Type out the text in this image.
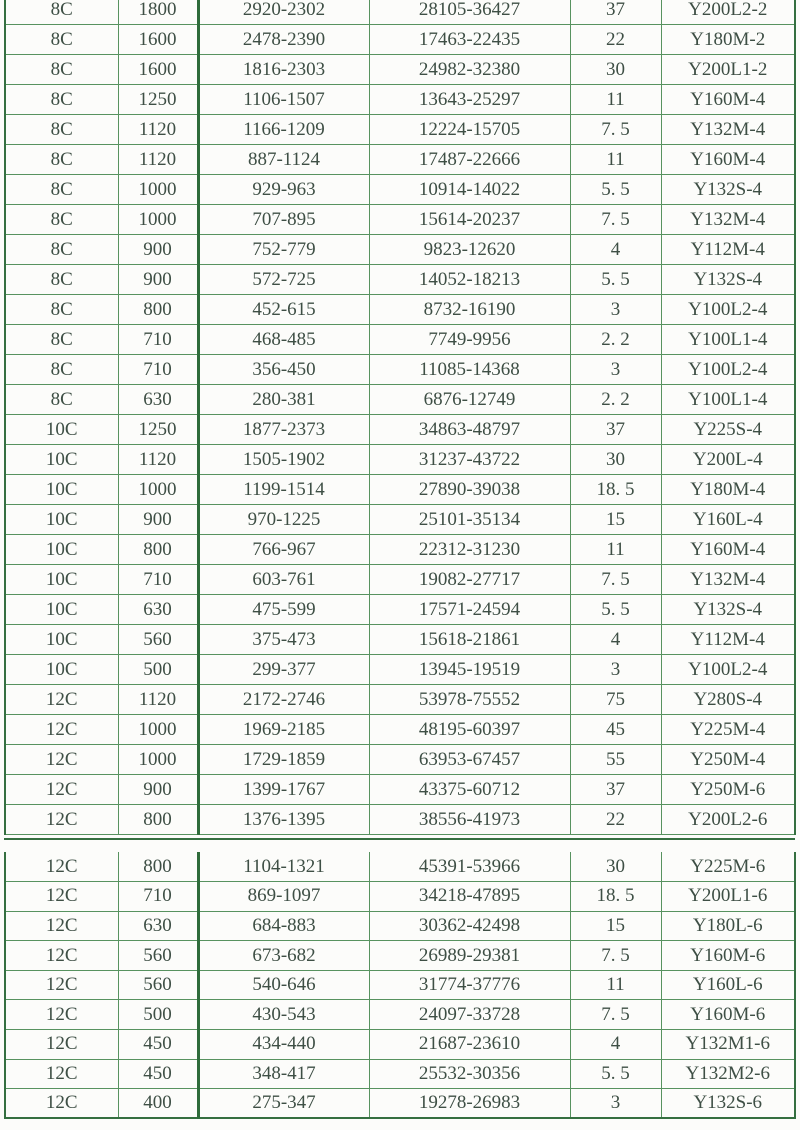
8C	1800	2920-2302	28105-36427	37	Y200L2-2
8C	1600	2478-2390	17463-22435	22	Y180M-2
8C	1600	1816-2303	24982-32380	30	Y200L1-2
8C	1250	1106-1507	13643-25297	11	Y160M-4
8C	1120	1166-1209	12224-15705	7. 5	Y132M-4
8C	1120	887-1124	17487-22666	11	Y160M-4
8C	1000	929-963	10914-14022	5. 5	Y132S-4
8C	1000	707-895	15614-20237	7. 5	Y132M-4
8C	900	752-779	9823-12620	4	Y112M-4
8C	900	572-725	14052-18213	5. 5	Y132S-4
8C	800	452-615	8732-16190	3	Y100L2-4
8C	710	468-485	7749-9956	2. 2	Y100L1-4
8C	710	356-450	11085-14368	3	Y100L2-4
8C	630	280-381	6876-12749	2. 2	Y100L1-4
10C	1250	1877-2373	34863-48797	37	Y225S-4
10C	1120	1505-1902	31237-43722	30	Y200L-4
10C	1000	1199-1514	27890-39038	18. 5	Y180M-4
10C	900	970-1225	25101-35134	15	Y160L-4
10C	800	766-967	22312-31230	11	Y160M-4
10C	710	603-761	19082-27717	7. 5	Y132M-4
10C	630	475-599	17571-24594	5. 5	Y132S-4
10C	560	375-473	15618-21861	4	Y112M-4
10C	500	299-377	13945-19519	3	Y100L2-4
12C	1120	2172-2746	53978-75552	75	Y280S-4
12C	1000	1969-2185	48195-60397	45	Y225M-4
12C	1000	1729-1859	63953-67457	55	Y250M-4
12C	900	1399-1767	43375-60712	37	Y250M-6
12C	800	1376-1395	38556-41973	22	Y200L2-6
12C	800	1104-1321	45391-53966	30	Y225M-6
12C	710	869-1097	34218-47895	18. 5	Y200L1-6
12C	630	684-883	30362-42498	15	Y180L-6
12C	560	673-682	26989-29381	7. 5	Y160M-6
12C	560	540-646	31774-37776	11	Y160L-6
12C	500	430-543	24097-33728	7. 5	Y160M-6
12C	450	434-440	21687-23610	4	Y132M1-6
12C	450	348-417	25532-30356	5. 5	Y132M2-6
12C	400	275-347	19278-26983	3	Y132S-6
